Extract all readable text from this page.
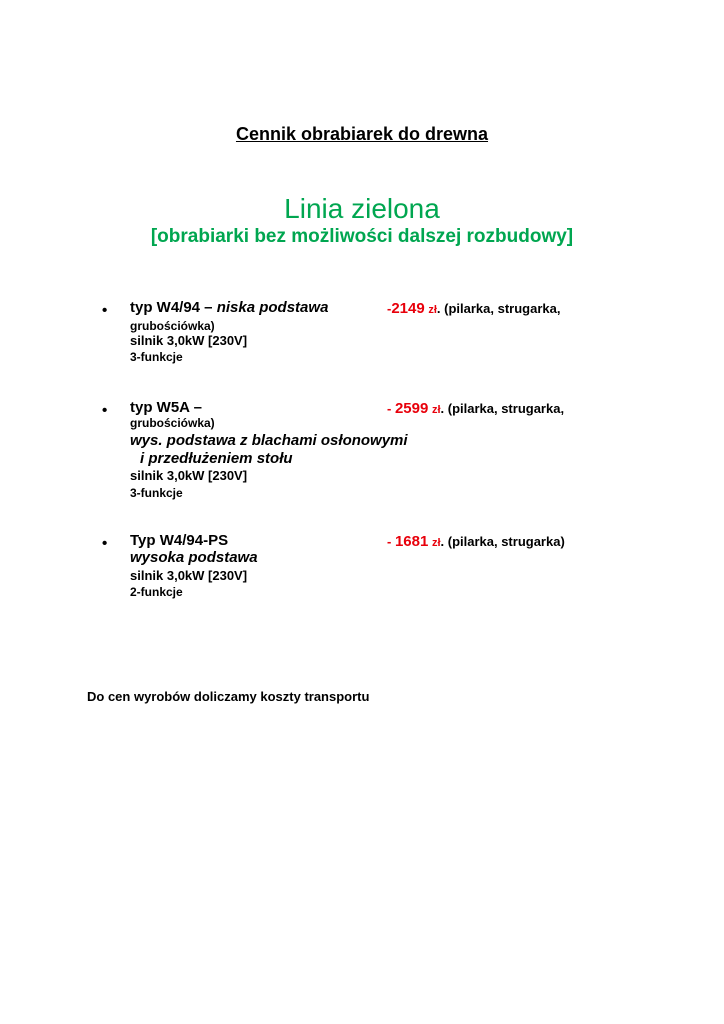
Cennik obrabiarek do drewna
Linia zielona
[obrabiarki bez możliwości dalszej rozbudowy]
• typ W4/94 – niska podstawa	-2149 zł. (pilarka, strugarka,
grubościówka)
silnik 3,0kW [230V]
3-funkcje
• typ W5A –	- 2599 zł. (pilarka, strugarka,
grubościówka)
wys. podstawa z blachami osłonowymi
i przedłużeniem stołu
silnik 3,0kW [230V]
3-funkcje
• Typ W4/94-PS	- 1681 zł. (pilarka, strugarka)
wysoka podstawa
silnik 3,0kW [230V]
2-funkcje
Do cen wyrobów doliczamy koszty transportu
